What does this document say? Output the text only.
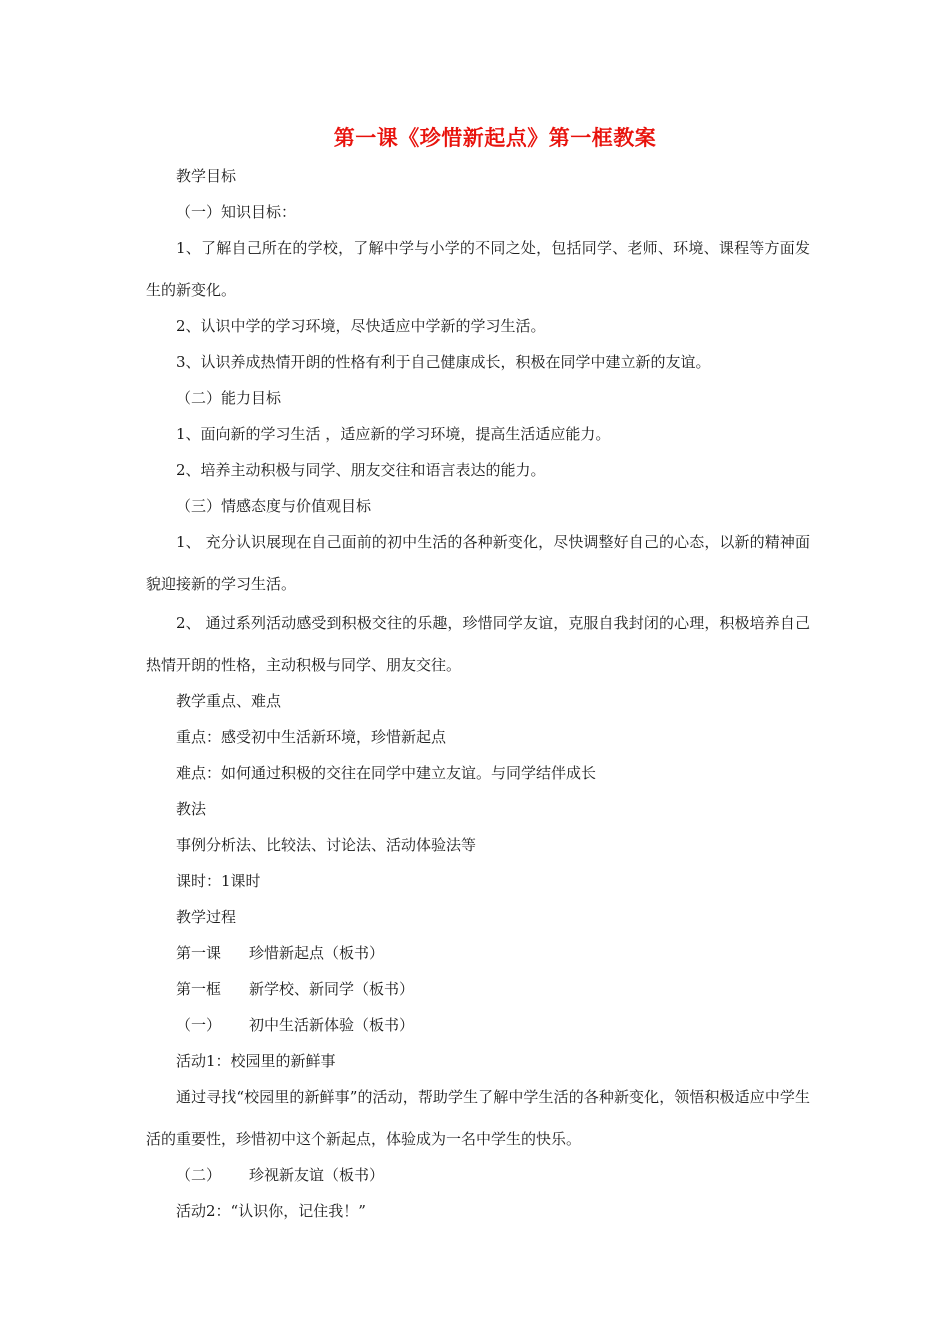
第一课《珍惜新起点》第一框教案

教学目标

（一）知识目标：

1、了解自己所在的学校，了解中学与小学的不同之处，包括同学、老师、环境、课程等方面发生的新变化。

2、认识中学的学习环境，尽快适应中学新的学习生活。

3、认识养成热情开朗的性格有利于自己健康成长，积极在同学中建立新的友谊。

（二）能力目标

1、面向新的学习生活 ，适应新的学习环境，提高生活适应能力。

2、培养主动积极与同学、朋友交往和语言表达的能力。

（三）情感态度与价值观目标

1、 充分认识展现在自己面前的初中生活的各种新变化，尽快调整好自己的心态，以新的精神面貌迎接新的学习生活。

2、 通过系列活动感受到积极交往的乐趣，珍惜同学友谊，克服自我封闭的心理，积极培养自己热情开朗的性格，主动积极与同学、朋友交往。

教学重点、难点

重点：感受初中生活新环境，珍惜新起点

难点：如何通过积极的交往在同学中建立友谊。与同学结伴成长

教法

事例分析法、比较法、讨论法、活动体验法等

课时：1课时

教学过程

第一课 珍惜新起点（板书）

第一框 新学校、新同学（板书）

（一） 初中生活新体验（板书）

活动1：校园里的新鲜事

通过寻找“校园里的新鲜事”的活动，帮助学生了解中学生活的各种新变化，领悟积极适应中学生活的重要性，珍惜初中这个新起点，体验成为一名中学生的快乐。

（二） 珍视新友谊（板书）

活动2：“认识你，记住我！”
